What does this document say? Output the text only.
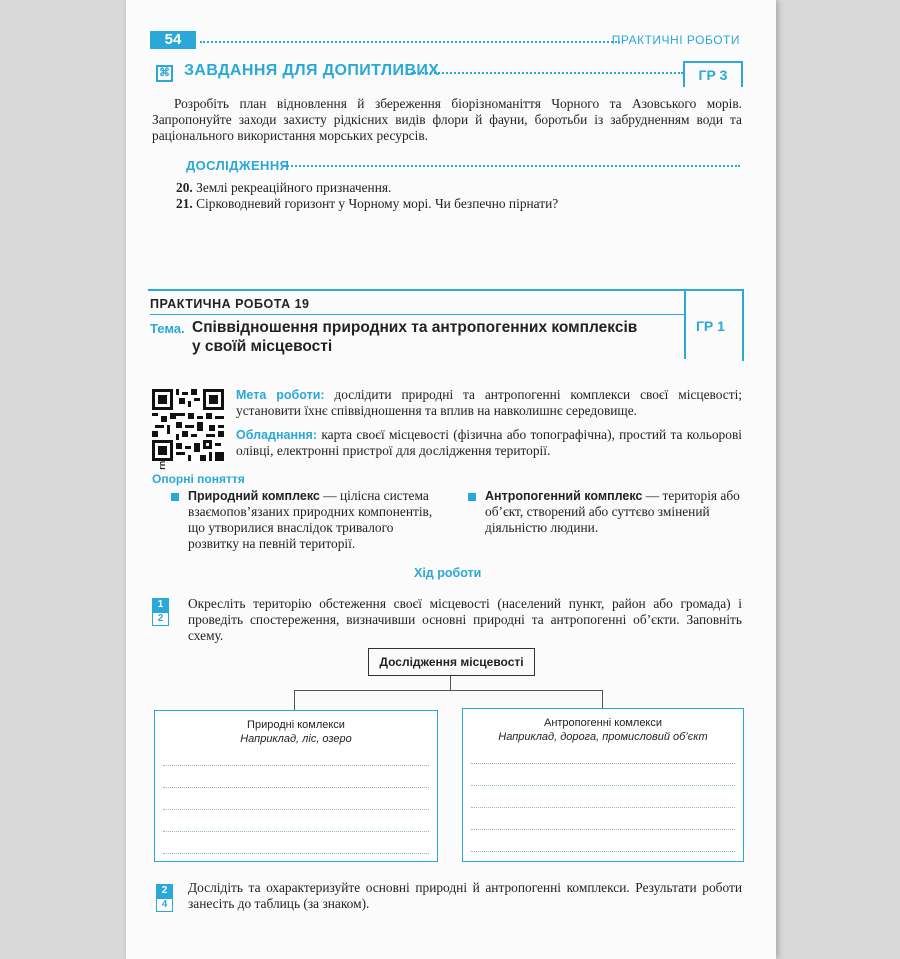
54	ПРАКТИЧНІ РОБОТИ
⌘ ЗАВДАННЯ ДЛЯ ДОПИТЛИВИХ	ГР 3
Розробіть план відновлення й збереження біорізноманіття Чорного та Азовського морів. Запропонуйте заходи захисту рідкісних видів флори й фауни, боротьби із забрудненням води та раціонального використання морських ресурсів.
ДОСЛІДЖЕННЯ
20. Землі рекреаційного призначення.
21. Сірководневий горизонт у Чорному морі. Чи безпечно пірнати?
ПРАКТИЧНА РОБОТА 19
ГР 1
Тема. Співвідношення природних та антропогенних комплексів
у своїй місцевості
Мета роботи: дослідити природні та антропогенні комплекси своєї місцевості; установити їхнє співвідношення та вплив на навколишнє середовище.
Обладнання: карта своєї місцевості (фізична або топографічна), простий та кольорові олівці, електронні пристрої для дослідження території.
Опорні поняття
Природний комплекс — цілісна система взаємопов’язаних природних компонентів, що утворилися внаслідок тривалого розвитку на певній території.
Антропогенний комплекс — територія або об’єкт, створений або суттєво змінений діяльністю людини.
Хід роботи
1
2
Окресліть територію обстеження своєї місцевості (населений пункт, район або громада) і проведіть спостереження, визначивши основні природні та антропогенні об’єкти. Заповніть схему.
Дослідження місцевості
Природні комлекси
Наприклад, ліс, озеро
Антропогенні комлекси
Наприклад, дорога, промисловий об’єкт
2
4
Дослідіть та охарактеризуйте основні природні й антропогенні комплекси. Результати роботи занесіть до таблиць (за знаком).
